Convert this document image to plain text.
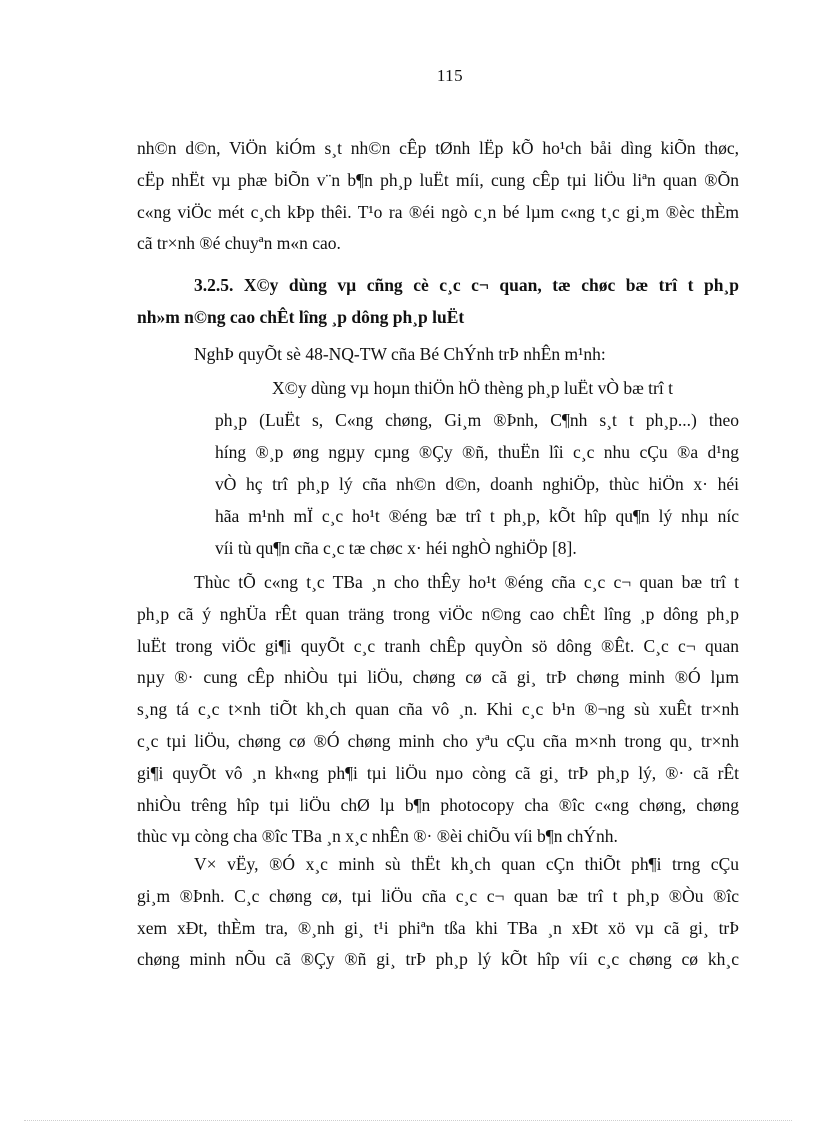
115
nh©n d©n, ViÖn kiÓm s¸t nh©n cÊp tØnh lËp kÕ ho¹ch båi dìng kiÕn thøc,
cËp nhËt vµ phæ biÕn v¨n b¶n ph¸p luËt míi, cung cÊp tµi liÖu liªn quan ®Õn
c«ng viÖc mét c¸ch kÞp thêi. T¹o ra ®éi ngò c¸n bé lµm c«ng t¸c gi¸m ®èc thÈm
cã tr×nh ®é chuyªn m«n cao.
3.2.5. X©y dùng vµ cñng cè c¸c c¬ quan, tæ chøc bæ trî t ph¸p
nh»m n©ng cao chÊt lîng ¸p dông ph¸p luËt
NghÞ quyÕt sè 48-NQ-TW cña Bé ChÝnh trÞ nhÊn m¹nh:
X©y dùng vµ hoµn thiÖn hÖ thèng ph¸p luËt vÒ bæ trî t
ph¸p (LuËt s, C«ng chøng, Gi¸m ®Þnh, C¶nh s¸t t ph¸p...) theo
híng ®¸p øng ngµy cµng ®Çy ®ñ, thuËn lîi c¸c nhu cÇu ®a d¹ng
vÒ hç trî ph¸p lý cña nh©n d©n, doanh nghiÖp, thùc hiÖn x· héi
hãa m¹nh mÏ c¸c ho¹t ®éng bæ trî t ph¸p, kÕt hîp qu¶n lý nhµ níc
víi tù qu¶n cña c¸c tæ chøc x· héi nghÒ nghiÖp [8].
Thùc tÕ c«ng t¸c TBa ¸n cho thÊy ho¹t ®éng cña c¸c c¬ quan bæ trî t
ph¸p cã ý nghÜa rÊt quan träng trong viÖc n©ng cao chÊt lîng ¸p dông ph¸p
luËt trong viÖc gi¶i quyÕt c¸c tranh chÊp quyÒn sö dông ®Êt. C¸c c¬ quan
nµy ®· cung cÊp nhiÒu tµi liÖu, chøng cø cã gi¸ trÞ chøng minh ®Ó lµm
s¸ng tá c¸c t×nh tiÕt kh¸ch quan cña vô ¸n. Khi c¸c b¹n ®¬ng sù xuÊt tr×nh
c¸c tµi liÖu, chøng cø ®Ó chøng minh cho yªu cÇu cña m×nh trong qu¸ tr×nh
gi¶i quyÕt vô ¸n kh«ng ph¶i tµi liÖu nµo còng cã gi¸ trÞ ph¸p lý, ®· cã rÊt
nhiÒu trêng hîp tµi liÖu chØ lµ b¶n photocopy cha ®îc c«ng chøng, chøng
thùc vµ còng cha ®îc TBa ¸n x¸c nhÊn ®· ®èi chiÕu víi b¶n chÝnh.
V× vËy, ®Ó x¸c minh sù thËt kh¸ch quan cÇn thiÕt ph¶i trng cÇu
gi¸m ®Þnh. C¸c chøng cø, tµi liÖu cña c¸c c¬ quan bæ trî t ph¸p ®Òu ®îc
xem xÐt, thÈm tra, ®¸nh gi¸ t¹i phiªn tßa khi TBa ¸n xÐt xö vµ cã gi¸ trÞ
chøng minh nÕu cã ®Çy ®ñ gi¸ trÞ ph¸p lý kÕt hîp víi c¸c chøng cø kh¸c
